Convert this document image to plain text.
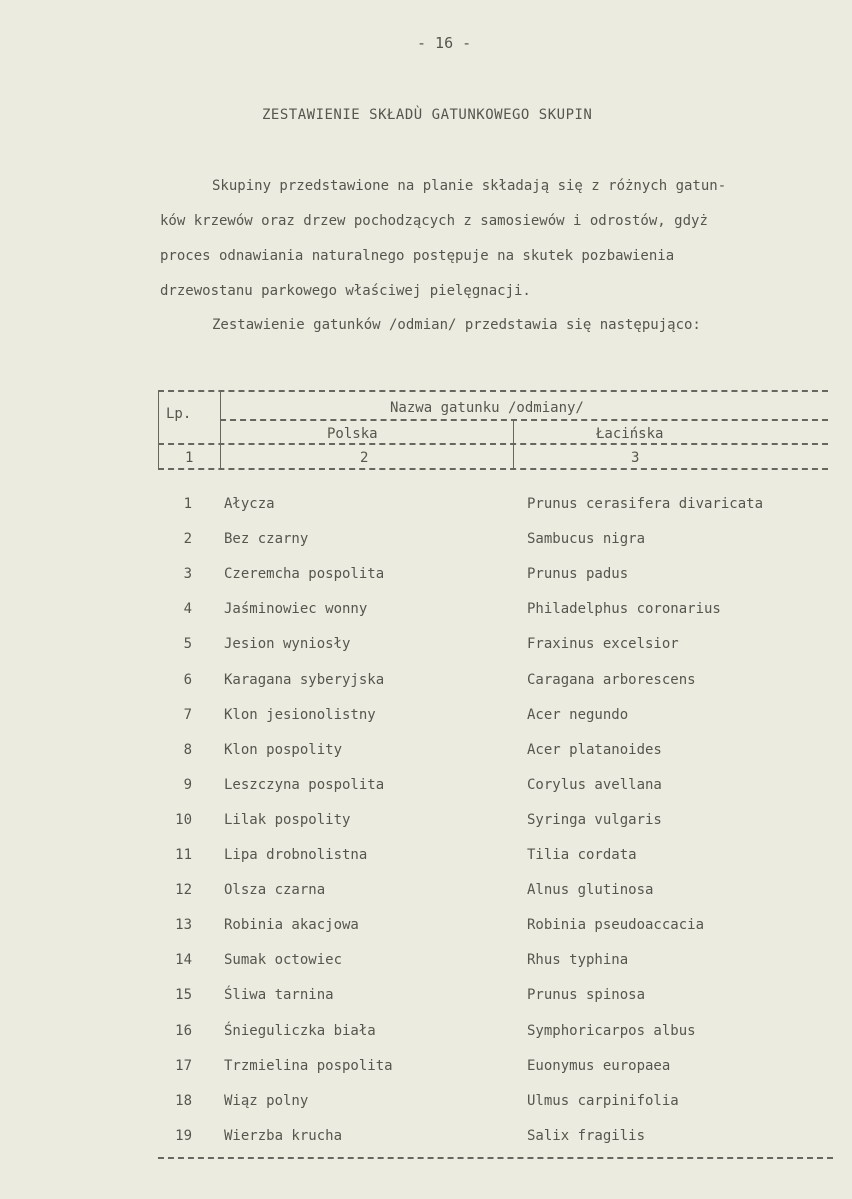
- 16 -
ZESTAWIENIE SKŁADÙ GATUNKOWEGO SKUPIN
Skupiny przedstawione na planie składają się z różnych gatun-
ków krzewów oraz drzew pochodzących z samosiewów i odrostów, gdyż
proces odnawiania naturalnego postępuje na skutek pozbawienia
drzewostanu parkowego właściwej pielęgnacji.
Zestawienie gatunków /odmian/ przedstawia się następująco:
Lp.	Nazwa gatunku /odmiany/
Polska	Łacińska
1	2	3
1 Ałycza	Prunus cerasifera divaricata
2 Bez czarny	Sambucus nigra
3 Czeremcha pospolita	Prunus padus
4 Jaśminowiec wonny	Philadelphus coronarius
5 Jesion wyniosły	Fraxinus excelsior
6 Karagana syberyjska	Caragana arborescens
7 Klon jesionolistny	Acer negundo
8 Klon pospolity	Acer platanoides
9 Leszczyna pospolita	Corylus avellana
10 Lilak pospolity	Syringa vulgaris
11 Lipa drobnolistna	Tilia cordata
12 Olsza czarna	Alnus glutinosa
13 Robinia akacjowa	Robinia pseudoaccacia
14 Sumak octowiec	Rhus typhina
15 Śliwa tarnina	Prunus spinosa
16 Śnieguliczka biała	Symphoricarpos albus
17 Trzmielina pospolita	Euonymus europaea
18 Wiąz polny	Ulmus carpinifolia
19 Wierzba krucha	Salix fragilis
